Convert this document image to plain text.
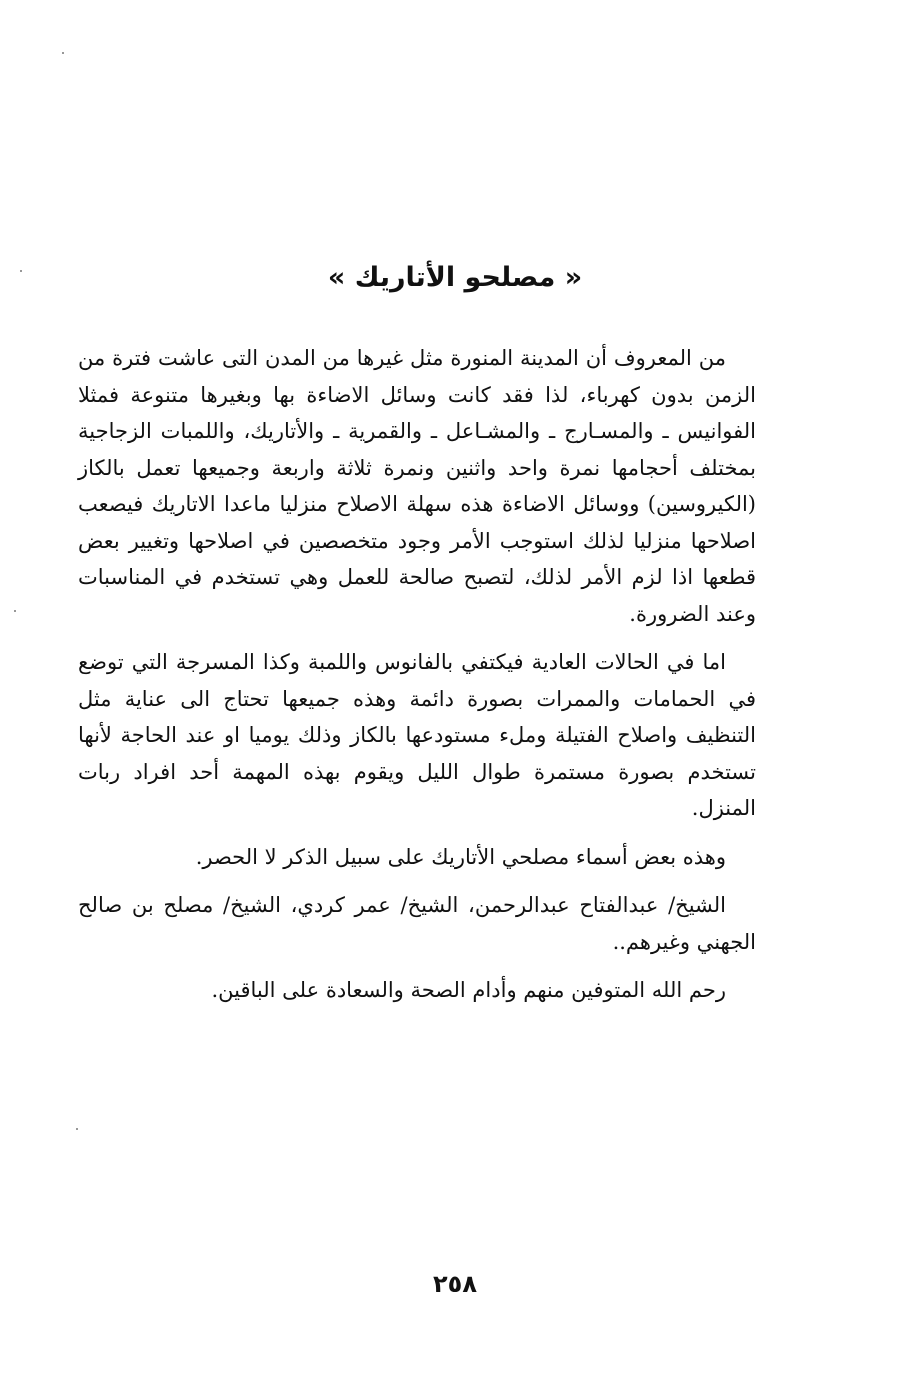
« مصلحو الأتاريك »

من المعروف أن المدينة المنورة مثل غيرها من المدن التى عاشت فترة من الزمن بدون كهرباء، لذا فقد كانت وسائل الاضاءة بها وبغيرها متنوعة فمثلا الفوانيس ـ والمسـارج ـ والمشـاعل ـ والقمرية ـ والأتاريك، واللمبات الزجاجية بمختلف أحجامها نمرة واحد واثنين ونمرة ثلاثة واربعة وجميعها تعمل بالكاز (الكيروسين) ووسائل الاضاءة هذه سهلة الاصلاح منزليا ماعدا الاتاريك فيصعب اصلاحها منزليا لذلك استوجب الأمر وجود متخصصين في اصلاحها وتغيير بعض قطعها اذا لزم الأمر لذلك، لتصبح صالحة للعمل وهي تستخدم في المناسبات وعند الضرورة.

اما في الحالات العادية فيكتفي بالفانوس واللمبة وكذا المسرجة التي توضع في الحمامات والممرات بصورة دائمة وهذه جميعها تحتاج الى عناية مثل التنظيف واصلاح الفتيلة وملء مستودعها بالكاز وذلك يوميا او عند الحاجة لأنها تستخدم بصورة مستمرة طوال الليل ويقوم بهذه المهمة أحد افراد ربات المنزل.

وهذه بعض أسماء مصلحي الأتاريك على سبيل الذكر لا الحصر.

الشيخ/ عبدالفتاح عبدالرحمن، الشيخ/ عمر كردي، الشيخ/ مصلح بن صالح الجهني وغيرهم..

رحم الله المتوفين منهم وأدام الصحة والسعادة على الباقين.

٢٥٨
